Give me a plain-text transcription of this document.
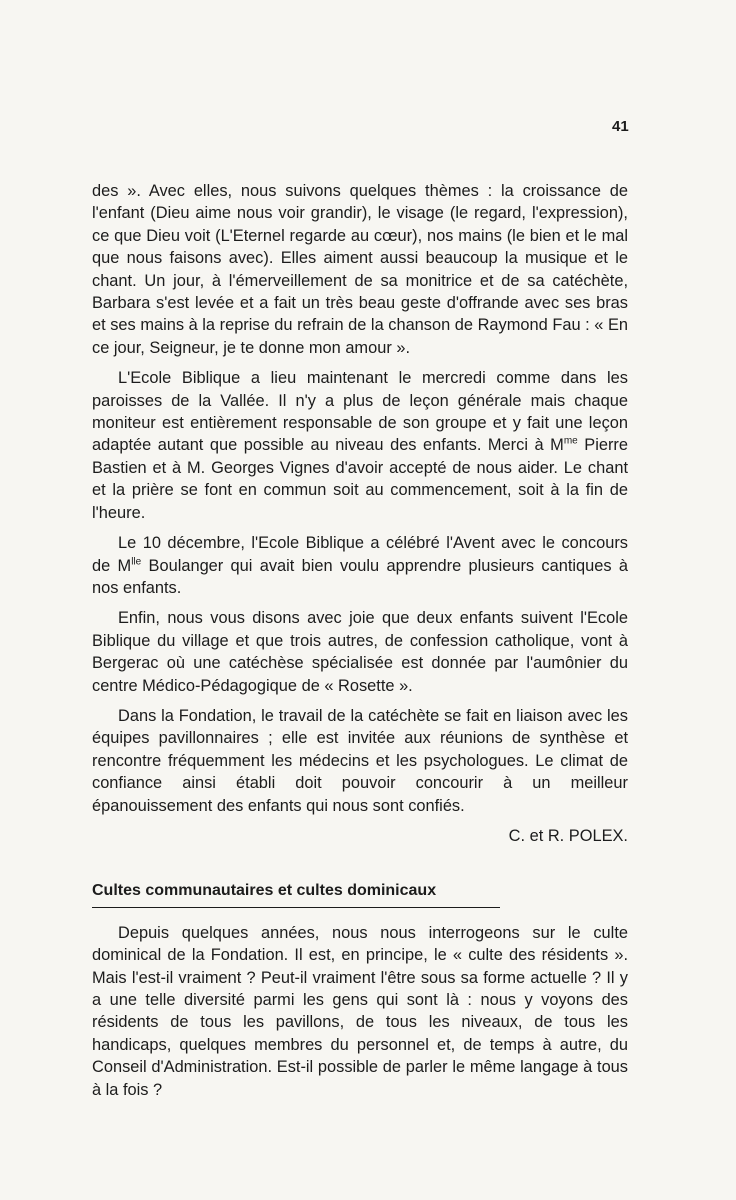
41

des ». Avec elles, nous suivons quelques thèmes : la croissance de l'enfant (Dieu aime nous voir grandir), le visage (le regard, l'expression), ce que Dieu voit (L'Eternel regarde au cœur), nos mains (le bien et le mal que nous faisons avec). Elles aiment aussi beaucoup la musique et le chant. Un jour, à l'émerveillement de sa monitrice et de sa catéchète, Barbara s'est levée et a fait un très beau geste d'offrande avec ses bras et ses mains à la reprise du refrain de la chanson de Raymond Fau : « En ce jour, Seigneur, je te donne mon amour ».

L'Ecole Biblique a lieu maintenant le mercredi comme dans les paroisses de la Vallée. Il n'y a plus de leçon générale mais chaque moniteur est entièrement responsable de son groupe et y fait une leçon adaptée autant que possible au niveau des enfants. Merci à $M^{me}$ Pierre Bastien et à M. Georges Vignes d'avoir accepté de nous aider. Le chant et la prière se font en commun soit au commencement, soit à la fin de l'heure.

Le 10 décembre, l'Ecole Biblique a célébré l'Avent avec le concours de $M^{lle}$ Boulanger qui avait bien voulu apprendre plusieurs cantiques à nos enfants.

Enfin, nous vous disons avec joie que deux enfants suivent l'Ecole Biblique du village et que trois autres, de confession catholique, vont à Bergerac où une catéchèse spécialisée est donnée par l'aumônier du centre Médico-Pédagogique de « Rosette ».

Dans la Fondation, le travail de la catéchète se fait en liaison avec les équipes pavillonnaires ; elle est invitée aux réunions de synthèse et rencontre fréquemment les médecins et les psychologues. Le climat de confiance ainsi établi doit pouvoir concourir à un meilleur épanouissement des enfants qui nous sont confiés.

C. et R. POLEX.

Cultes communautaires et cultes dominicaux

Depuis quelques années, nous nous interrogeons sur le culte dominical de la Fondation. Il est, en principe, le « culte des résidents ». Mais l'est-il vraiment ? Peut-il vraiment l'être sous sa forme actuelle ? Il y a une telle diversité parmi les gens qui sont là : nous y voyons des résidents de tous les pavillons, de tous les niveaux, de tous les handicaps, quelques membres du personnel et, de temps à autre, du Conseil d'Administration. Est-il possible de parler le même langage à tous à la fois ?
